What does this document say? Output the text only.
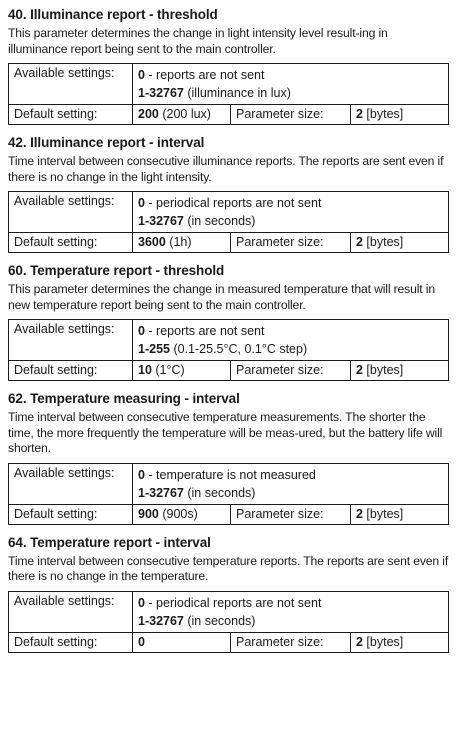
40. Illuminance report - threshold
This parameter determines the change in light intensity level result-ing in illuminance report being sent to the main controller.
Available settings:	0 - reports are not sent
1-32767 (illuminance in lux)		

Default setting:	200 (200 lux)	Parameter size:	2 [bytes]
42. Illuminance report - interval
Time interval between consecutive illuminance reports. The reports are sent even if there is no change in the light intensity.
Available settings:	0 - periodical reports are not sent
1-32767 (in seconds)		

Default setting:	3600 (1h)	Parameter size:	2 [bytes]
60. Temperature report - threshold
This parameter determines the change in measured temperature that will result in new temperature report being sent to the main controller.
Available settings:	0 - reports are not sent
1-255 (0.1-25.5°C, 0.1°C step)		

Default setting:	10 (1°C)	Parameter size:	2 [bytes]
62. Temperature measuring - interval
Time interval between consecutive temperature measurements. The shorter the time, the more frequently the temperature will be meas-ured, but the battery life will shorten.
Available settings:	0 - temperature is not measured
1-32767 (in seconds)		

Default setting:	900 (900s)	Parameter size:	2 [bytes]
64. Temperature report - interval
Time interval between consecutive temperature reports. The reports are sent even if there is no change in the temperature.
Available settings:	0 - periodical reports are not sent
1-32767 (in seconds)		

Default setting:	0	Parameter size:	2 [bytes]
